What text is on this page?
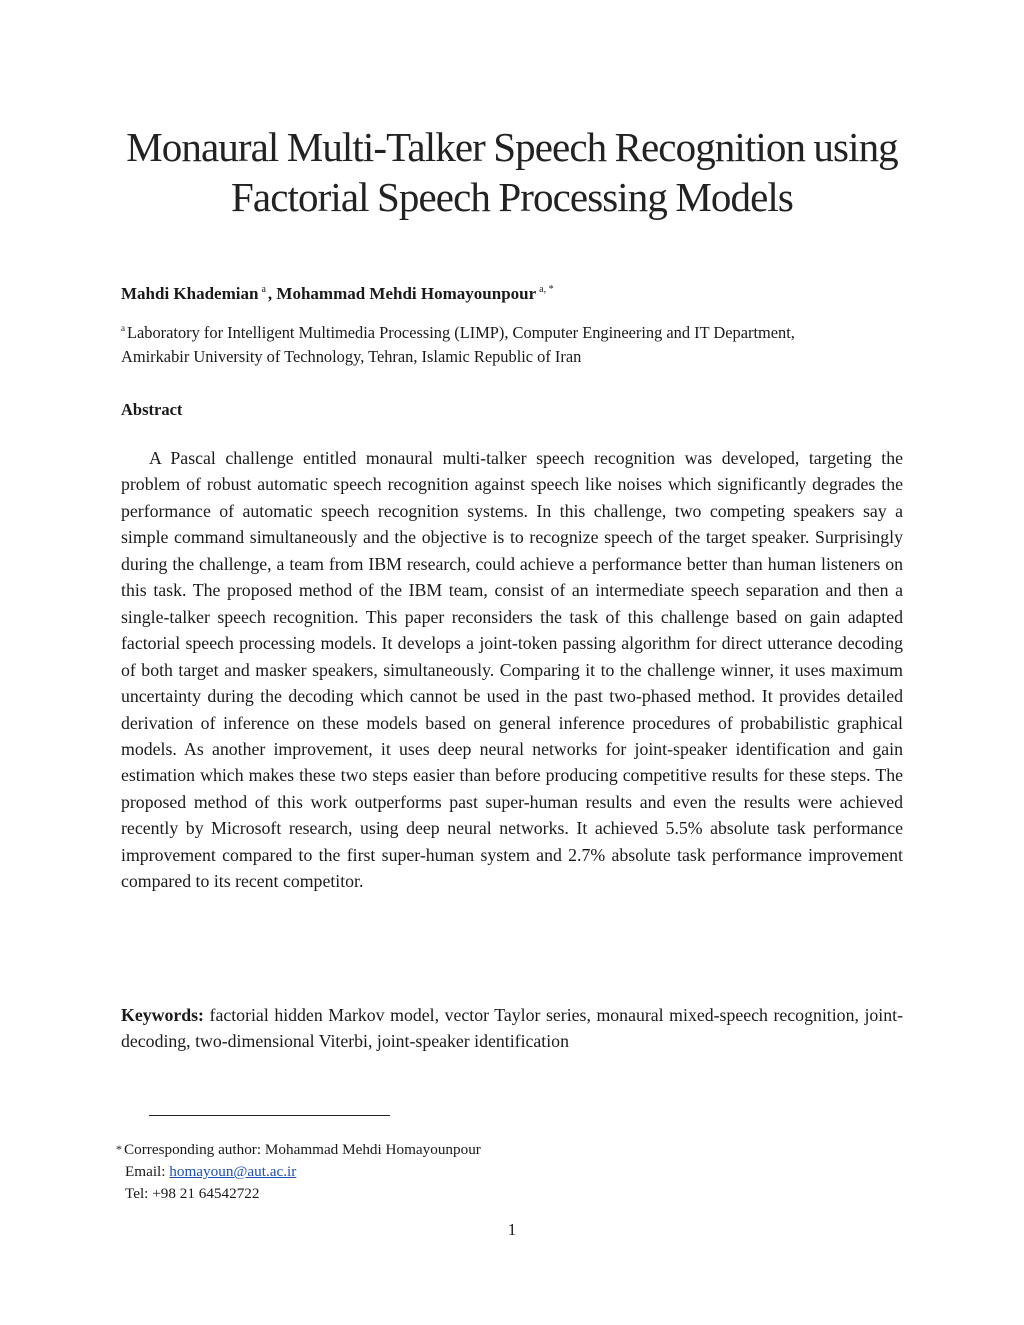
Monaural Multi-Talker Speech Recognition using
Factorial Speech Processing Models
Mahdi Khademian $^a$ , Mohammad Mehdi Homayounpour $^{a, *}$
$^a$ Laboratory for Intelligent Multimedia Processing (LIMP), Computer Engineering and IT Department,
Amirkabir University of Technology, Tehran, Islamic Republic of Iran
Abstract

A Pascal challenge entitled monaural multi-talker speech recognition was developed, targeting the problem of robust automatic speech recognition against speech like noises which significantly degrades the performance of automatic speech recognition systems. In this challenge, two competing speakers say a simple command simultaneously and the objective is to recognize speech of the target speaker. Surprisingly during the challenge, a team from IBM research, could achieve a performance better than human listeners on this task. The proposed method of the IBM team, consist of an intermediate speech separation and then a single-talker speech recognition. This paper reconsiders the task of this challenge based on gain adapted factorial speech processing models. It develops a joint-token passing algorithm for direct utterance decoding of both target and masker speakers, simultaneously. Comparing it to the challenge winner, it uses maximum uncertainty during the decoding which cannot be used in the past two-phased method. It provides detailed derivation of inference on these models based on general inference procedures of probabilistic graphical models. As another improvement, it uses deep neural networks for joint-speaker identification and gain estimation which makes these two steps easier than before producing competitive results for these steps. The proposed method of this work outperforms past super-human results and even the results were achieved recently by Microsoft research, using deep neural networks. It achieved 5.5% absolute task performance improvement compared to the first super-human system and 2.7% absolute task performance improvement compared to its recent competitor.

Keywords: factorial hidden Markov model, vector Taylor series, monaural mixed-speech recognition, joint-decoding, two-dimensional Viterbi, joint-speaker identification

* Corresponding author: Mohammad Mehdi Homayounpour
Email: homayoun@aut.ac.ir
Tel: +98 21 64542722
1
